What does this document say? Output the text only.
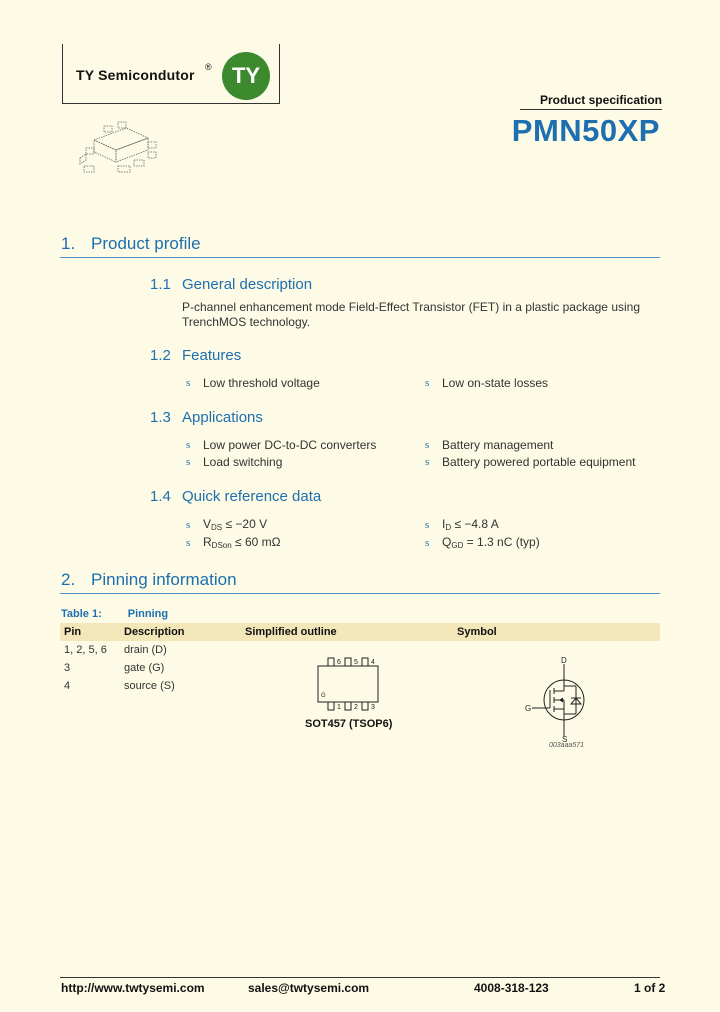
TY Semicondutor ® TY
Product specification
PMN50XP
1. Product profile
1.1 General description
P-channel enhancement mode Field-Effect Transistor (FET) in a plastic package using
TrenchMOS technology.
1.2 Features
s Low threshold voltage	s Low on-state losses
1.3 Applications
s Low power DC-to-DC converters	s Battery management
s Load switching	s Battery powered portable equipment
1.4 Quick reference data
s $V_{DS} \le -20$ V	s $I_D \le -4.8$ A
s $R_{DSon} \le 60$ mΩ	s $Q_{GD} = 1.3$ nC (typ)
2. Pinning information
Table 1: Pinning
Pin	Description	Simplified outline	Symbol
1, 2, 5, 6 drain (D)
3	gate (G)
4	source (S)
6 5 4
1 2 3
G
SOT457 (TSOP6)
D
G
S
003aaa571
http://www.twtysemi.com	sales@twtysemi.com	4008-318-123	1 of 2
